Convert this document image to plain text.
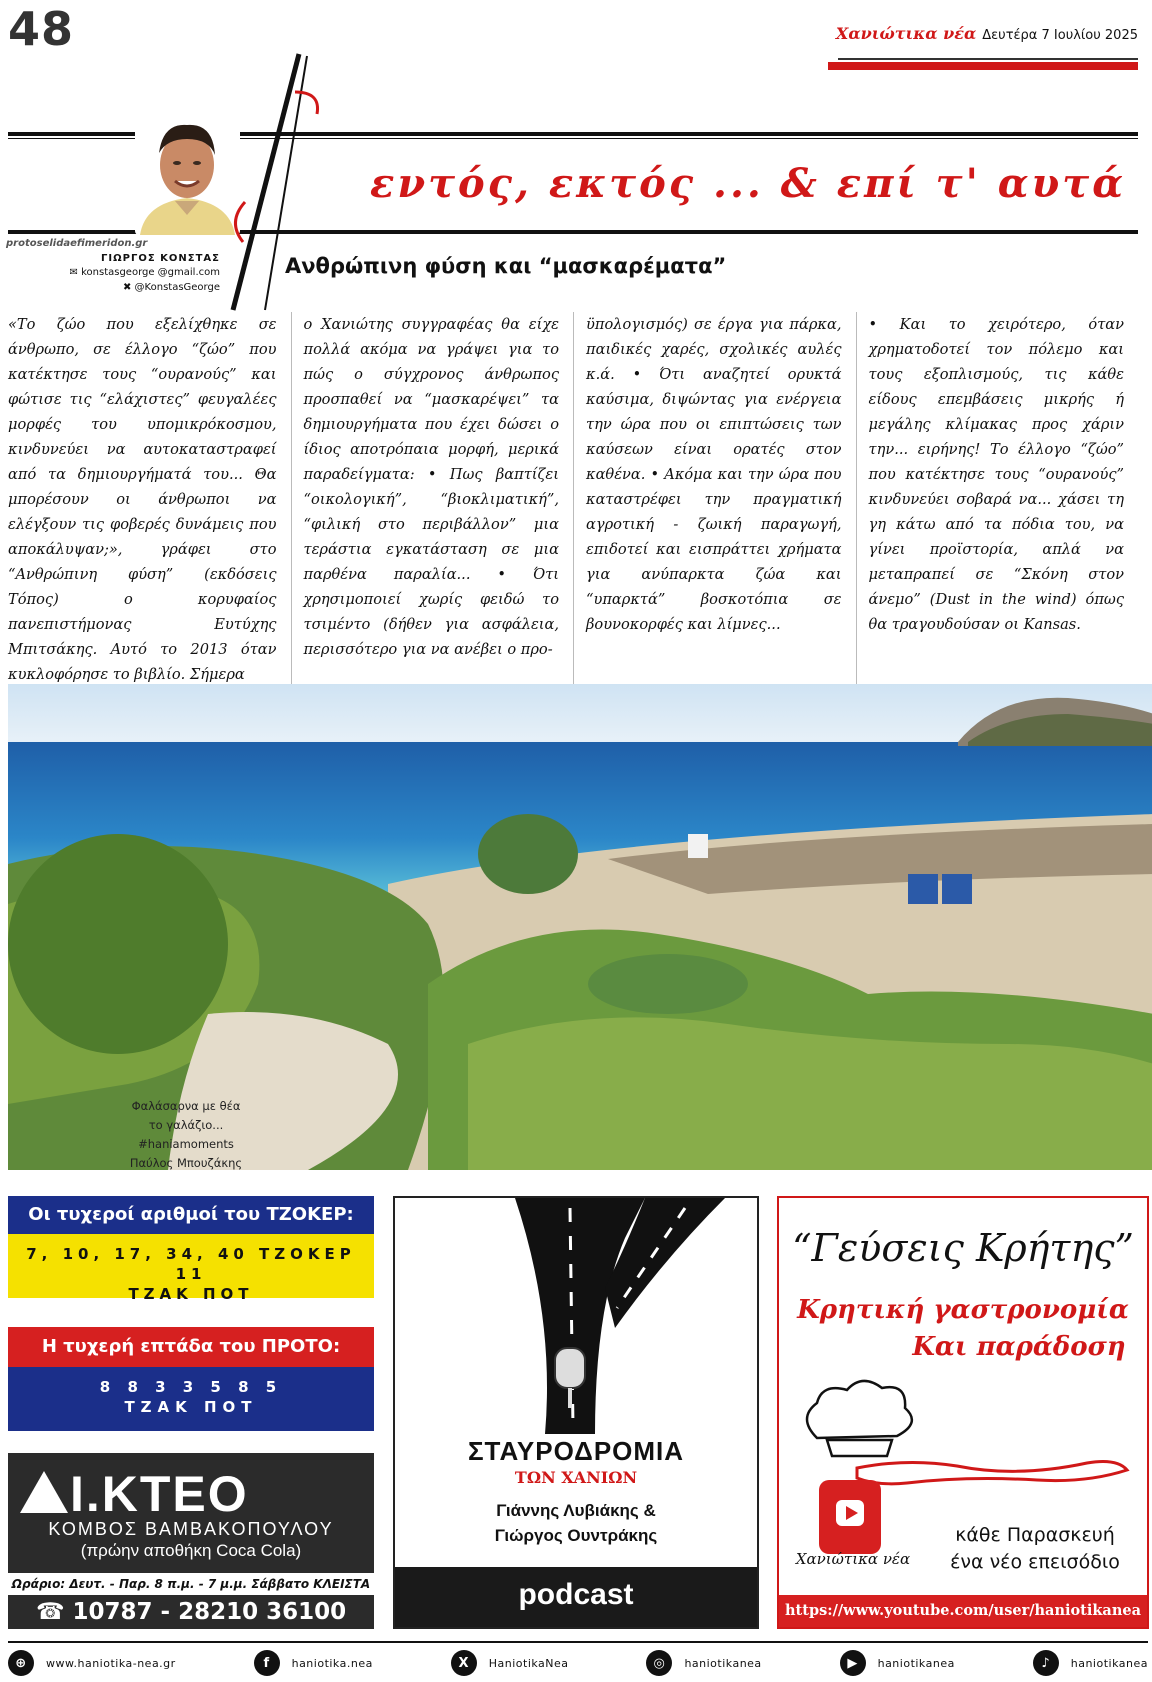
48	Χανιώτικα νέα Δευτέρα 7 Ιουλίου 2025
εντός, εκτός ... & επί τ' αυτά
protoselidaefimeridon.gr
ΓΙΩΡΓΟΣ ΚΟΝΣΤΑΣ
✉ konstasgeorge @gmail.com
✖ @KonstasGeorge
Ανθρώπινη φύση και “μασκαρέματα”

«Το ζώο που εξελίχθηκε σε άνθρωπο, σε έλλογο “ζώο” που κατέκτησε τους “ουρανούς” και φώτισε τις “ελάχιστες” φευγαλέες μορφές του υπομικρόκοσμου, κινδυνεύει να αυτοκαταστραφεί από τα δημιουργήματά του... Θα μπορέσουν οι άνθρωποι να ελέγξουν τις φοβερές δυνάμεις που αποκάλυψαν;», γράφει στο “Ανθρώπινη φύση” (εκδόσεις Τόπος) ο κορυφαίος πανεπιστήμονας Ευτύχης Μπιτσάκης. Αυτό το 2013 όταν κυκλοφόρησε το βιβλίο. Σήμερα

ο Χανιώτης συγγραφέας θα είχε πολλά ακόμα να γράψει για το πώς ο σύγχρονος άνθρωπος προσπαθεί να “μασκαρέψει” τα δημιουργήματα που έχει δώσει ο ίδιος αποτρόπαια μορφή, μερικά παραδείγματα: • Πως βαπτίζει “οικολογική”, “βιοκλιματική”, “φιλική στο περιβάλλον” μια τεράστια εγκατάσταση σε μια παρθένα παραλία... • Ότι χρησιμοποιεί χωρίς φειδώ το τσιμέντο (δήθεν για ασφάλεια, περισσότερο για να ανέβει ο προ-

ϋπολογισμός) σε έργα για πάρκα, παιδικές χαρές, σχολικές αυλές κ.ά. • Ότι αναζητεί ορυκτά καύσιμα, διψώντας για ενέργεια την ώρα που οι επιπτώσεις των καύσεων είναι ορατές στον καθένα. • Ακόμα και την ώρα που καταστρέφει την πραγματική αγροτική - ζωική παραγωγή, επιδοτεί και εισπράττει χρήματα για ανύπαρκτα ζώα και “υπαρκτά” βοσκοτόπια σε βουνοκορφές και λίμνες...

• Και το χειρότερο, όταν χρηματοδοτεί τον πόλεμο και τους εξοπλισμούς, τις κάθε είδους επεμβάσεις μικρής ή μεγάλης κλίμακας προς χάριν την... ειρήνης! Το έλλογο “ζώο” που κατέκτησε τους “ουρανούς” κινδυνεύει σοβαρά να... χάσει τη γη κάτω από τα πόδια του, να γίνει προϊστορία, απλά να μεταπραπεί σε “Σκόνη στον άνεμο” (Dust in the wind) όπως θα τραγουδούσαν οι Kansas.

Φαλάσαρνα με θέα
το γαλάζιο...
#haniamoments
Παύλος Μπουζάκης
Οι τυχεροί αριθμοί του ΤΖΟΚΕΡ:
7, 10, 17, 34, 40 ΤΖΟΚΕΡ 11
ΤΖΑΚ ΠΟΤ
Η τυχερή επτάδα του ΠΡΟΤΟ:
8 8 3 3 5 8 5
ΤΖΑΚ ΠΟΤ
Ι.ΚΤΕΟ
ΚΟΜΒΟΣ ΒΑΜΒΑΚΟΠΟΥΛΟΥ
(πρώην αποθήκη Coca Cola)
Ωράριο: Δευτ. - Παρ. 8 π.μ. - 7 μ.μ. Σάββατο ΚΛΕΙΣΤΑ
☎ 10787 - 28210 36100
ΣΤΑΥΡΟΔΡΟΜΙΑ
ΤΩΝ ΧΑΝΙΩΝ
Γιάννης Λυβιάκης &
Γιώργος Ουντράκης
podcast
“Γεύσεις Κρήτης”
Κρητική γαστρονομία
Και παράδοση
Χανιώτικα νέα
κάθε Παρασκευή
ένα νέο επεισόδιο
https://www.youtube.com/user/haniotikanea
⊕	www.haniotika-nea.gr	f	haniotika.nea	X	HaniotikaNea	◎	haniotikanea	▶	haniotikanea	♪	haniotikanea
